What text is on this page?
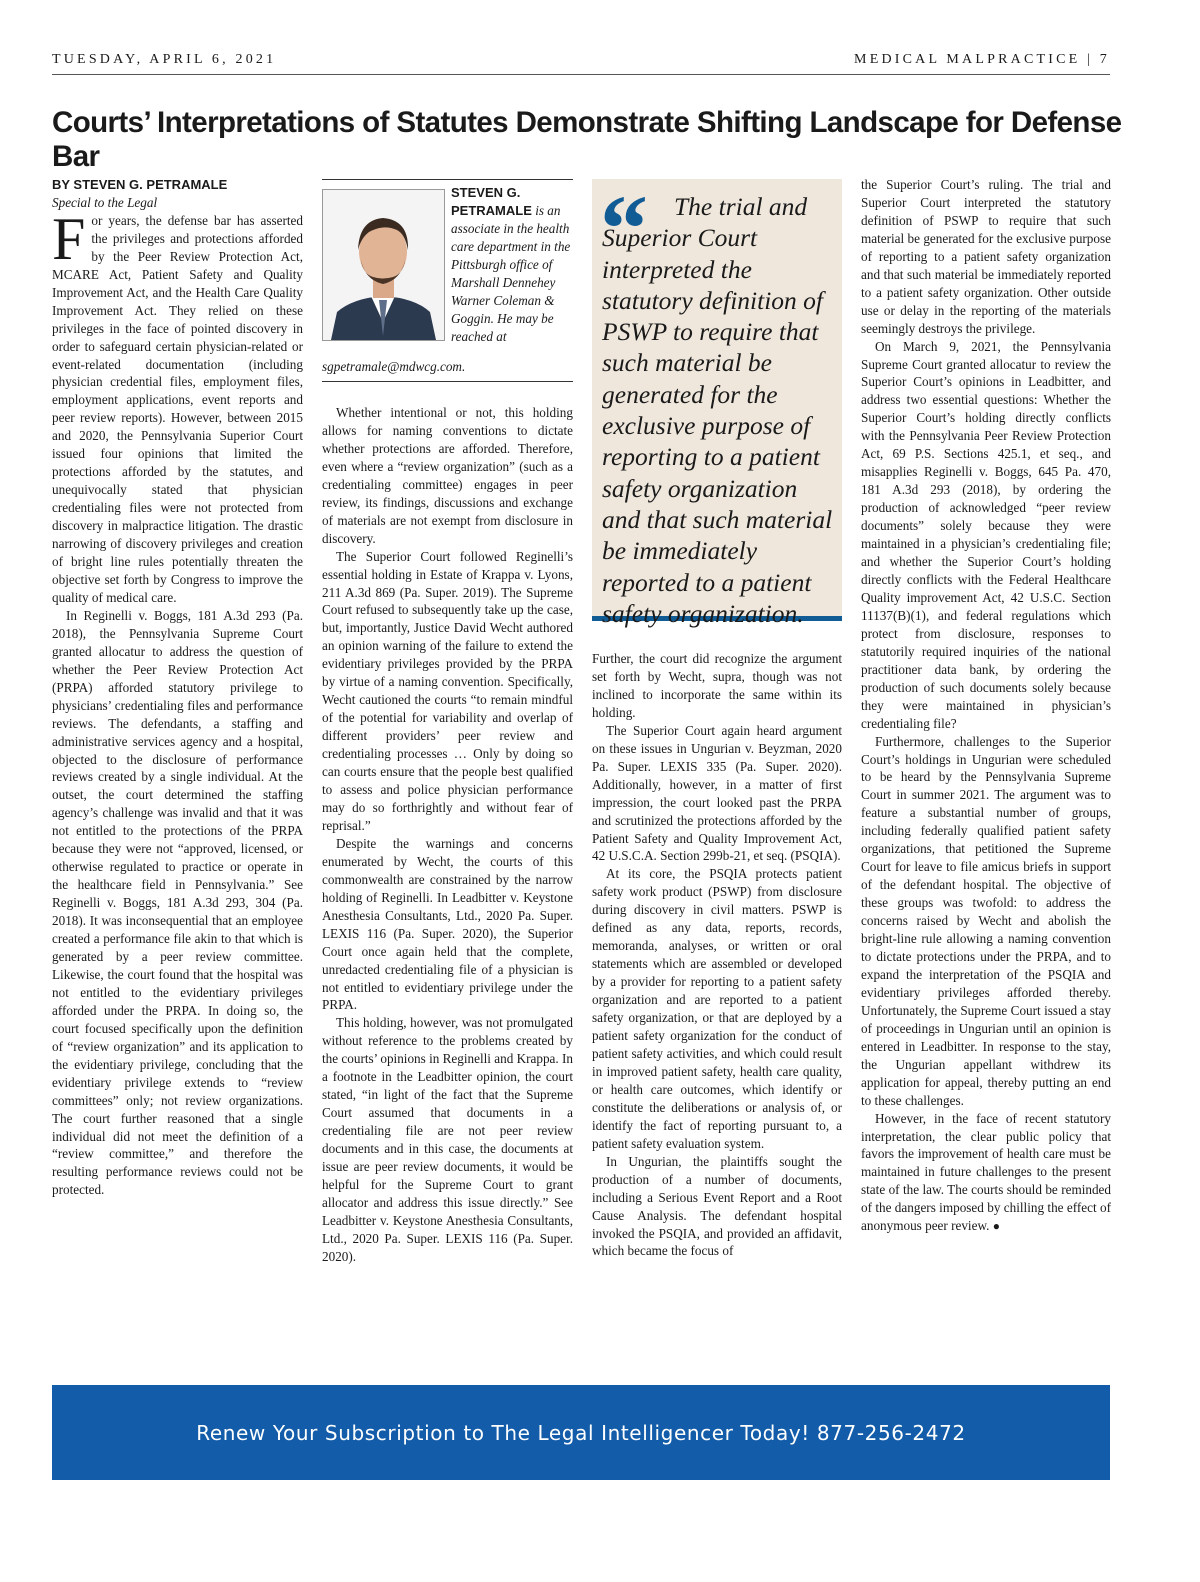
TUESDAY, APRIL 6, 2021	MEDICAL MALPRACTICE | 7
Courts’ Interpretations of Statutes Demonstrate Shifting Landscape for Defense Bar

BY STEVEN G. PETRAMALE

Special to the Legal

For years, the defense bar has asserted the privileges and protections afforded by the Peer Review Protection Act, MCARE Act, Patient Safety and Quality Improvement Act, and the Health Care Quality Improvement Act. They relied on these privileges in the face of pointed discovery in order to safeguard certain physician-related or event-related documentation (including physician credential files, employment files, employment applications, event reports and peer review reports). However, between 2015 and 2020, the Pennsylvania Superior Court issued four opinions that limited the protections afforded by the statutes, and unequivocally stated that physician credentialing files were not protected from discovery in malpractice litigation. The drastic narrowing of discovery privileges and creation of bright line rules potentially threaten the objective set forth by Congress to improve the quality of medical care.

In Reginelli v. Boggs, 181 A.3d 293 (Pa. 2018), the Pennsylvania Supreme Court granted allocatur to address the question of whether the Peer Review Protection Act (PRPA) afforded statutory privilege to physicians’ credentialing files and performance reviews. The defendants, a staffing and administrative services agency and a hospital, objected to the disclosure of performance reviews created by a single individual. At the outset, the court determined the staffing agency’s challenge was invalid and that it was not entitled to the protections of the PRPA because they were not “approved, licensed, or otherwise regulated to practice or operate in the healthcare field in Pennsylvania.” See Reginelli v. Boggs, 181 A.3d 293, 304 (Pa. 2018). It was inconsequential that an employee created a performance file akin to that which is generated by a peer review committee. Likewise, the court found that the hospital was not entitled to the evidentiary privileges afforded under the PRPA. In doing so, the court focused specifically upon the definition of “review organization” and its application to the evidentiary privilege, concluding that the evidentiary privilege extends to “review committees” only; not review organizations. The court further reasoned that a single individual did not meet the definition of a “review committee,” and therefore the resulting performance reviews could not be protected.

STEVEN G. PETRAMALE is an associate in the health care department in the Pittsburgh office of Marshall Dennehey Warner Coleman & Goggin. He may be reached at
sgpetramale@mdwcg.com.

Whether intentional or not, this holding allows for naming conventions to dictate whether protections are afforded. Therefore, even where a “review organization” (such as a credentialing committee) engages in peer review, its findings, discussions and exchange of materials are not exempt from disclosure in discovery.

The Superior Court followed Reginelli’s essential holding in Estate of Krappa v. Lyons, 211 A.3d 869 (Pa. Super. 2019). The Supreme Court refused to subsequently take up the case, but, importantly, Justice David Wecht authored an opinion warning of the failure to extend the evidentiary privileges provided by the PRPA by virtue of a naming convention. Specifically, Wecht cautioned the courts “to remain mindful of the potential for variability and overlap of different providers’ peer review and credentialing processes … Only by doing so can courts ensure that the people best qualified to assess and police physician performance may do so forthrightly and without fear of reprisal.”

Despite the warnings and concerns enumerated by Wecht, the courts of this commonwealth are constrained by the narrow holding of Reginelli. In Leadbitter v. Keystone Anesthesia Consultants, Ltd., 2020 Pa. Super. LEXIS 116 (Pa. Super. 2020), the Superior Court once again held that the complete, unredacted credentialing file of a physician is not entitled to evidentiary privilege under the PRPA.

This holding, however, was not promulgated without reference to the problems created by the courts’ opinions in Reginelli and Krappa. In a footnote in the Leadbitter opinion, the court stated, “in light of the fact that the Supreme Court assumed that documents in a credentialing file are not peer review documents and in this case, the documents at issue are peer review documents, it would be helpful for the Supreme Court to grant allocator and address this issue directly.” See Leadbitter v. Keystone Anesthesia Consultants, Ltd., 2020 Pa. Super. LEXIS 116 (Pa. Super. 2020).

“	The trial and Superior Court interpreted the statutory definition of PSWP to require that such material be generated for the exclusive purpose of reporting to a patient safety organization and that such material be immediately reported to a patient safety organization.

Further, the court did recognize the argument set forth by Wecht, supra, though was not inclined to incorporate the same within its holding.

The Superior Court again heard argument on these issues in Ungurian v. Beyzman, 2020 Pa. Super. LEXIS 335 (Pa. Super. 2020). Additionally, however, in a matter of first impression, the court looked past the PRPA and scrutinized the protections afforded by the Patient Safety and Quality Improvement Act, 42 U.S.C.A. Section 299b-21, et seq. (PSQIA).

At its core, the PSQIA protects patient safety work product (PSWP) from disclosure during discovery in civil matters. PSWP is defined as any data, reports, records, memoranda, analyses, or written or oral statements which are assembled or developed by a provider for reporting to a patient safety organization and are reported to a patient safety organization, or that are deployed by a patient safety organization for the conduct of patient safety activities, and which could result in improved patient safety, health care quality, or health care outcomes, which identify or constitute the deliberations or analysis of, or identify the fact of reporting pursuant to, a patient safety evaluation system.

In Ungurian, the plaintiffs sought the production of a number of documents, including a Serious Event Report and a Root Cause Analysis. The defendant hospital invoked the PSQIA, and provided an affidavit, which became the focus of

the Superior Court’s ruling. The trial and Superior Court interpreted the statutory definition of PSWP to require that such material be generated for the exclusive purpose of reporting to a patient safety organization and that such material be immediately reported to a patient safety organization. Other outside use or delay in the reporting of the materials seemingly destroys the privilege.

On March 9, 2021, the Pennsylvania Supreme Court granted allocatur to review the Superior Court’s opinions in Leadbitter, and address two essential questions: Whether the Superior Court’s holding directly conflicts with the Pennsylvania Peer Review Protection Act, 69 P.S. Sections 425.1, et seq., and misapplies Reginelli v. Boggs, 645 Pa. 470, 181 A.3d 293 (2018), by ordering the production of acknowledged “peer review documents” solely because they were maintained in a physician’s credentialing file; and whether the Superior Court’s holding directly conflicts with the Federal Healthcare Quality improvement Act, 42 U.S.C. Section 11137(B)(1), and federal regulations which protect from disclosure, responses to statutorily required inquiries of the national practitioner data bank, by ordering the production of such documents solely because they were maintained in physician’s credentialing file?

Furthermore, challenges to the Superior Court’s holdings in Ungurian were scheduled to be heard by the Pennsylvania Supreme Court in summer 2021. The argument was to feature a substantial number of groups, including federally qualified patient safety organizations, that petitioned the Supreme Court for leave to file amicus briefs in support of the defendant hospital. The objective of these groups was twofold: to address the concerns raised by Wecht and abolish the bright-line rule allowing a naming convention to dictate protections under the PRPA, and to expand the interpretation of the PSQIA and evidentiary privileges afforded thereby. Unfortunately, the Supreme Court issued a stay of proceedings in Ungurian until an opinion is entered in Leadbitter. In response to the stay, the Ungurian appellant withdrew its application for appeal, thereby putting an end to these challenges.

However, in the face of recent statutory interpretation, the clear public policy that favors the improvement of health care must be maintained in future challenges to the present state of the law. The courts should be reminded of the dangers imposed by chilling the effect of anonymous peer review. ●

Renew Your Subscription to The Legal Intelligencer Today! 877-256-2472
